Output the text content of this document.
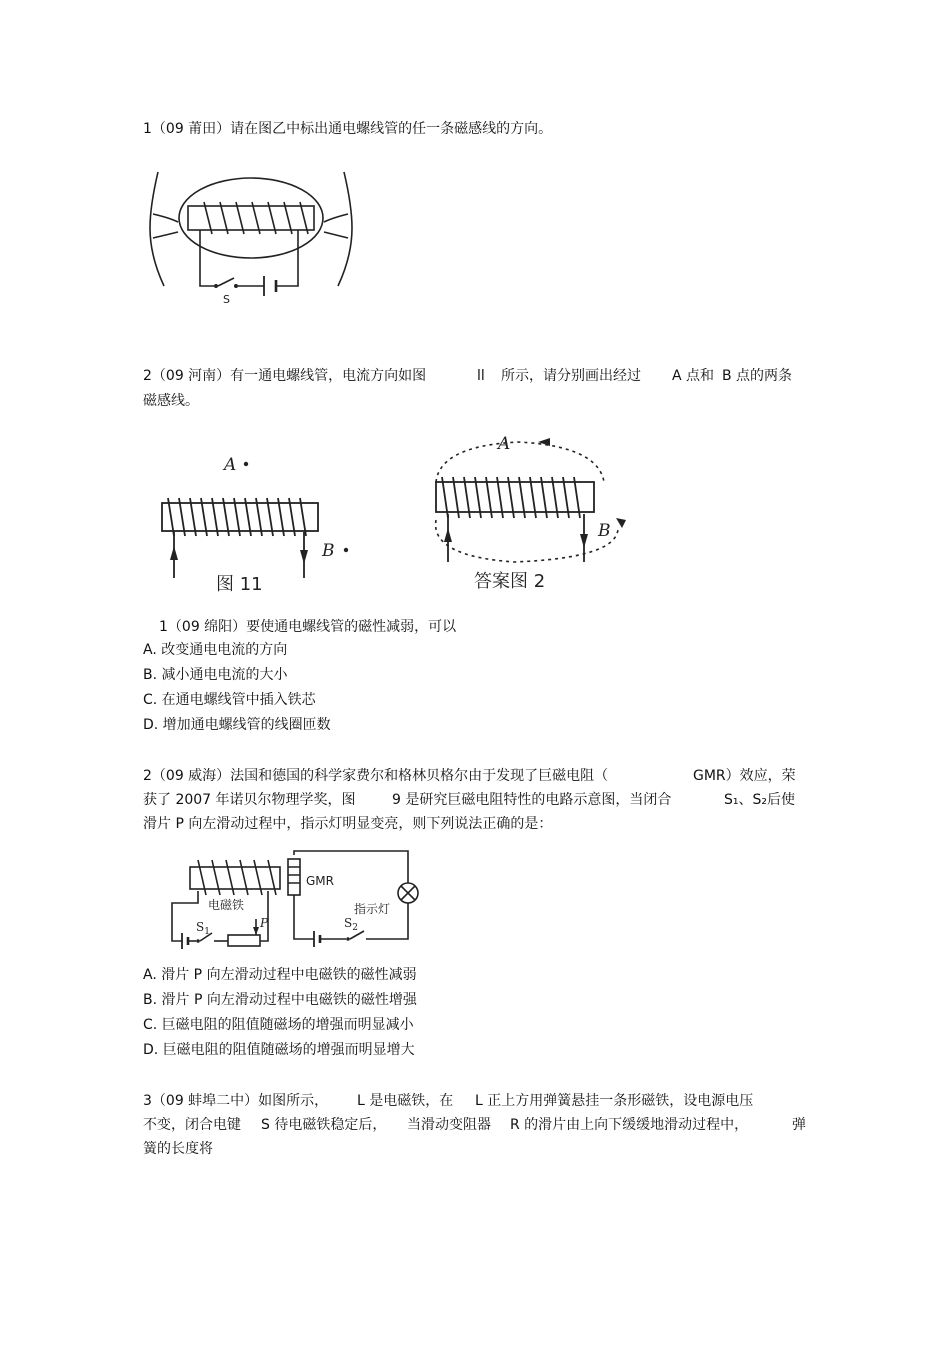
1（09 莆田）请在图乙中标出通电螺线管的任一条磁感线的方向。
S
2（09 河南）有一通电螺线管，电流方向如图	ll 所示，请分别画出经过 A 点和 B 点的两条
磁感线。
A
B
图 11
A
B
答案图 2
1（09 绵阳）要使通电螺线管的磁性减弱，可以
A. 改变通电电流的方向
B. 减小通电电流的大小
C. 在通电螺线管中插入铁芯
D. 增加通电螺线管的线圈匝数
2（09 威海）法国和德国的科学家费尔和格林贝格尔由于发现了巨磁电阻（	GMR）效应，荣
获了 2007 年诺贝尔物理学奖，图	9 是研究巨磁电阻特性的电路示意图，当闭合	S₁、S₂后使
滑片 P 向左滑动过程中，指示灯明显变亮，则下列说法正确的是：
电磁铁
GMR
指示灯
$S_1$
$S_2$
P
A. 滑片 P 向左滑动过程中电磁铁的磁性减弱
B. 滑片 P 向左滑动过程中电磁铁的磁性增强
C. 巨磁电阻的阻值随磁场的增强而明显减小
D. 巨磁电阻的阻值随磁场的增强而明显增大
3（09 蚌埠二中）如图所示， L 是电磁铁，在 L 正上方用弹簧悬挂一条形磁铁，设电源电压
不变，闭合电键 S 待电磁铁稳定后， 当滑动变阻器 R 的滑片由上向下缓缓地滑动过程中，	弹
簧的长度将
